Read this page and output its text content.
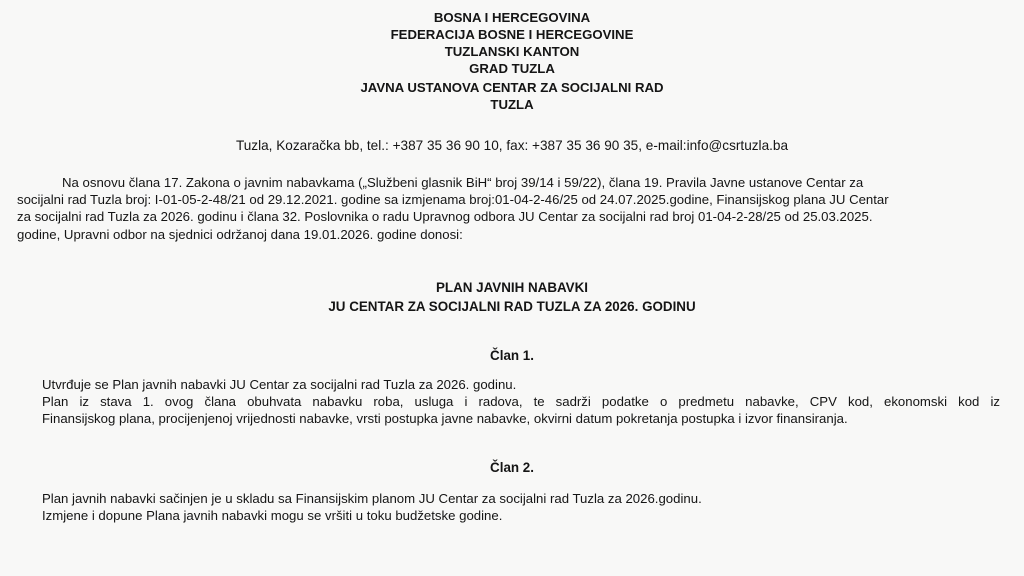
BOSNA I HERCEGOVINA
FEDERACIJA BOSNE I HERCEGOVINE
TUZLANSKI KANTON
GRAD TUZLA
JAVNA USTANOVA CENTAR ZA SOCIJALNI RAD
TUZLA
Tuzla, Kozaračka bb, tel.: +387 35 36 90 10, fax: +387 35 36 90 35, e-mail:info@csrtuzla.ba
Na osnovu člana 17. Zakona o javnim nabavkama („Službeni glasnik BiH“ broj 39/14 i 59/22), člana 19. Pravila Javne ustanove Centar za
socijalni rad Tuzla broj: I-01-05-2-48/21 od 29.12.2021. godine sa izmjenama broj:01-04-2-46/25 od 24.07.2025.godine, Finansijskog plana JU Centar
za socijalni rad Tuzla za 2026. godinu i člana 32. Poslovnika o radu Upravnog odbora JU Centar za socijalni rad broj 01-04-2-28/25 od 25.03.2025.
godine, Upravni odbor na sjednici održanoj dana 19.01.2026. godine donosi:
PLAN JAVNIH NABAVKI
JU CENTAR ZA SOCIJALNI RAD TUZLA ZA 2026. GODINU
Član 1.
Utvrđuje se Plan javnih nabavki JU Centar za socijalni rad Tuzla za 2026. godinu.
Plan iz stava 1. ovog člana obuhvata nabavku roba, usluga i radova, te sadrži podatke o predmetu nabavke, CPV kod, ekonomski kod iz
Finansijskog plana, procijenjenoj vrijednosti nabavke, vrsti postupka javne nabavke, okvirni datum pokretanja postupka i izvor finansiranja.
Član 2.
Plan javnih nabavki sačinjen je u skladu sa Finansijskim planom JU Centar za socijalni rad Tuzla za 2026.godinu.
Izmjene i dopune Plana javnih nabavki mogu se vršiti u toku budžetske godine.
